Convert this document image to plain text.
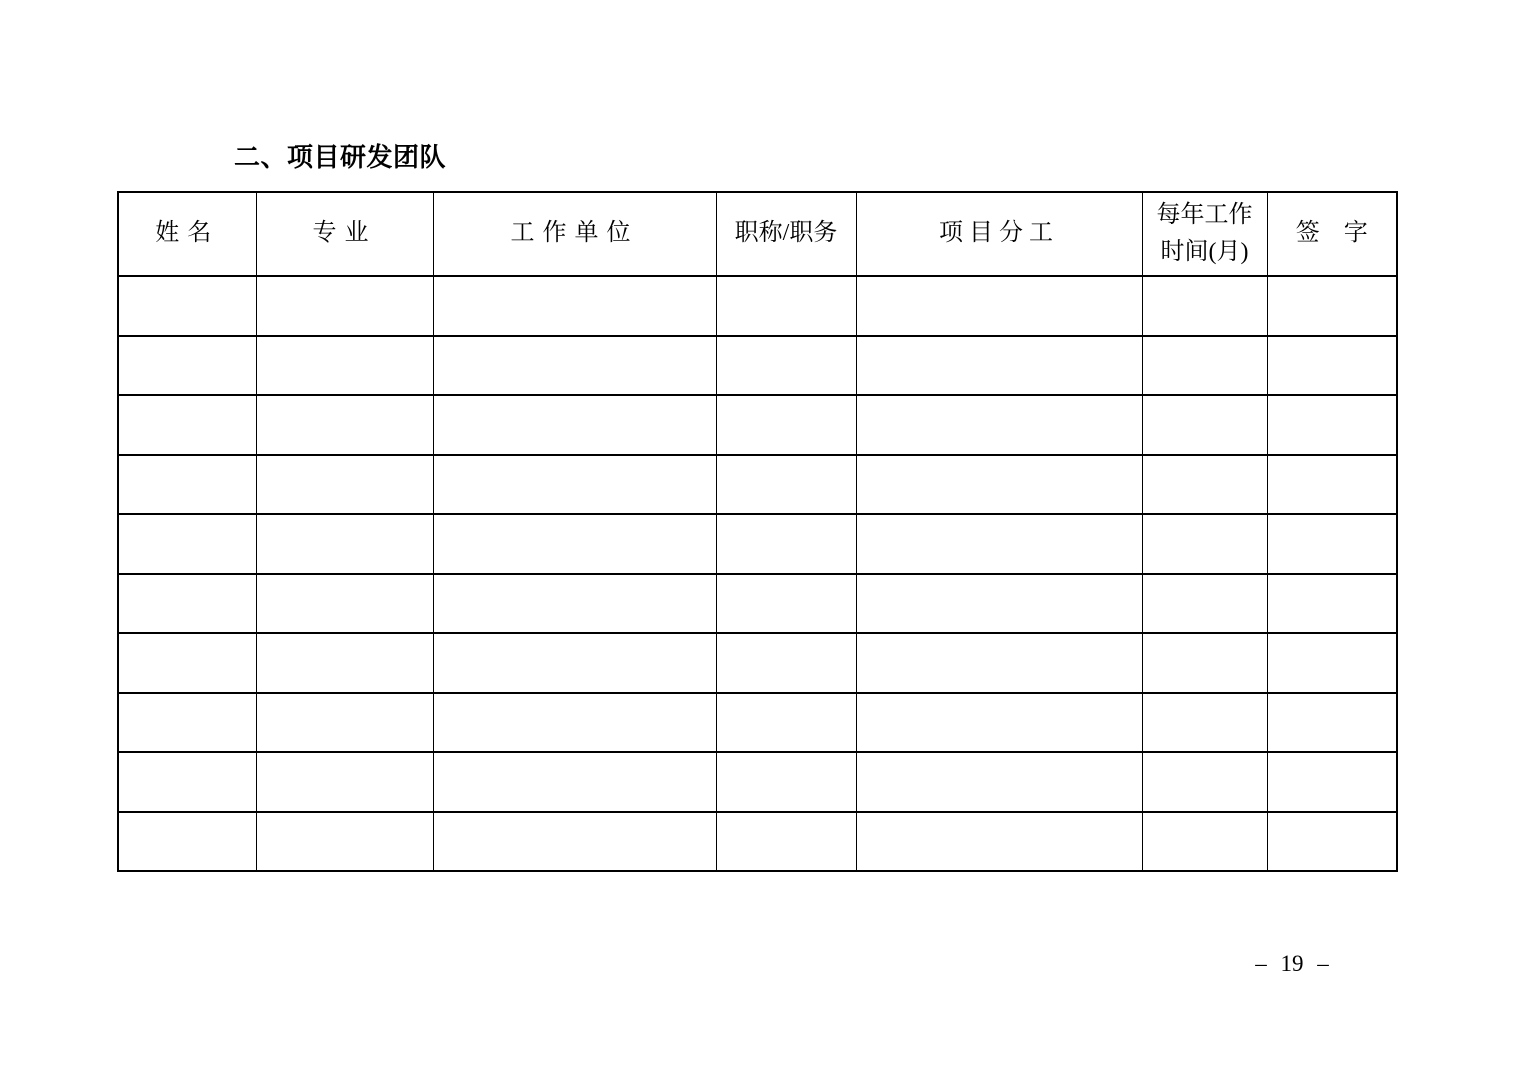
二、项目研发团队
姓名	专业	工作单位	职称/职务	项目分工	每年工作时间(月)	签　字

– 19 –
